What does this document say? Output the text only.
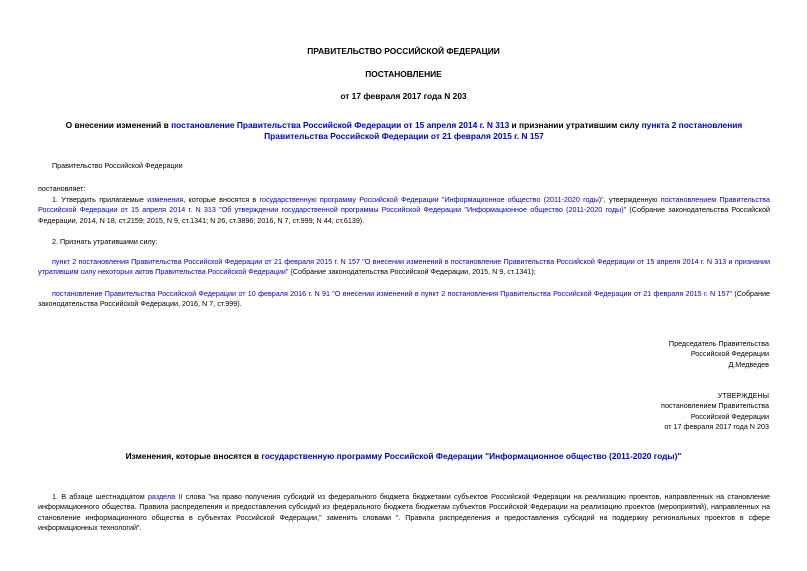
ПРАВИТЕЛЬСТВО РОССИЙСКОЙ ФЕДЕРАЦИИ
ПОСТАНОВЛЕНИЕ
от 17 февраля 2017 года N 203
О внесении изменений в постановление Правительства Российской Федерации от 15 апреля 2014 г. N 313 и признании утратившим силу пункта 2 постановления Правительства Российской Федерации от 21 февраля 2015 г. N 157
Правительство Российской Федерации
постановляет:
1. Утвердить прилагаемые изменения, которые вносятся в государственную программу Российской Федерации "Информационное общество (2011-2020 годы)", утвержденную постановлением Правительства Российской Федерации от 15 апреля 2014 г. N 313 "Об утверждении государственной программы Российской Федерации "Информационное общество (2011-2020 годы)" (Собрание законодательства Российской Федерации, 2014, N 18, ст.2159; 2015, N 9, ст.1341; N 26, ст.3896; 2016, N 7, ст.999; N 44, ст.6139).
2. Признать утратившими силу:
пункт 2 постановления Правительства Российской Федерации от 21 февраля 2015 г. N 157 "О внесении изменений в постановление Правительства Российской Федерации от 15 апреля 2014 г. N 313 и признании утратившим силу некоторых актов Правительства Российской Федерации" (Собрание законодательства Российской Федерации, 2015, N 9, ст.1341);
постановление Правительства Российской Федерации от 10 февраля 2016 г. N 91 "О внесении изменений в пункт 2 постановления Правительства Российской Федерации от 21 февраля 2015 г. N 157" (Собрание законодательства Российской Федерации, 2016, N 7, ст.999).
Председатель Правительства
Российской Федерации
Д.Медведев
УТВЕРЖДЕНЫ
постановлением Правительства
Российской Федерации
от 17 февраля 2017 года N 203
Изменения, которые вносятся в государственную программу Российской Федерации "Информационное общество (2011-2020 годы)"
1. В абзаце шестнадцатом раздела II слова "на право получения субсидий из федерального бюджета бюджетами субъектов Российской Федерации на реализацию проектов, направленных на становление информационного общества. Правила распределения и предоставления субсидий из федерального бюджета бюджетам субъектов Российской Федерации на реализацию проектов (мероприятий), направленных на становление информационного общества в субъектах Российской Федерации," заменить словами ". Правила распределения и предоставления субсидий на поддержку региональных проектов в сфере информационных технологий".
